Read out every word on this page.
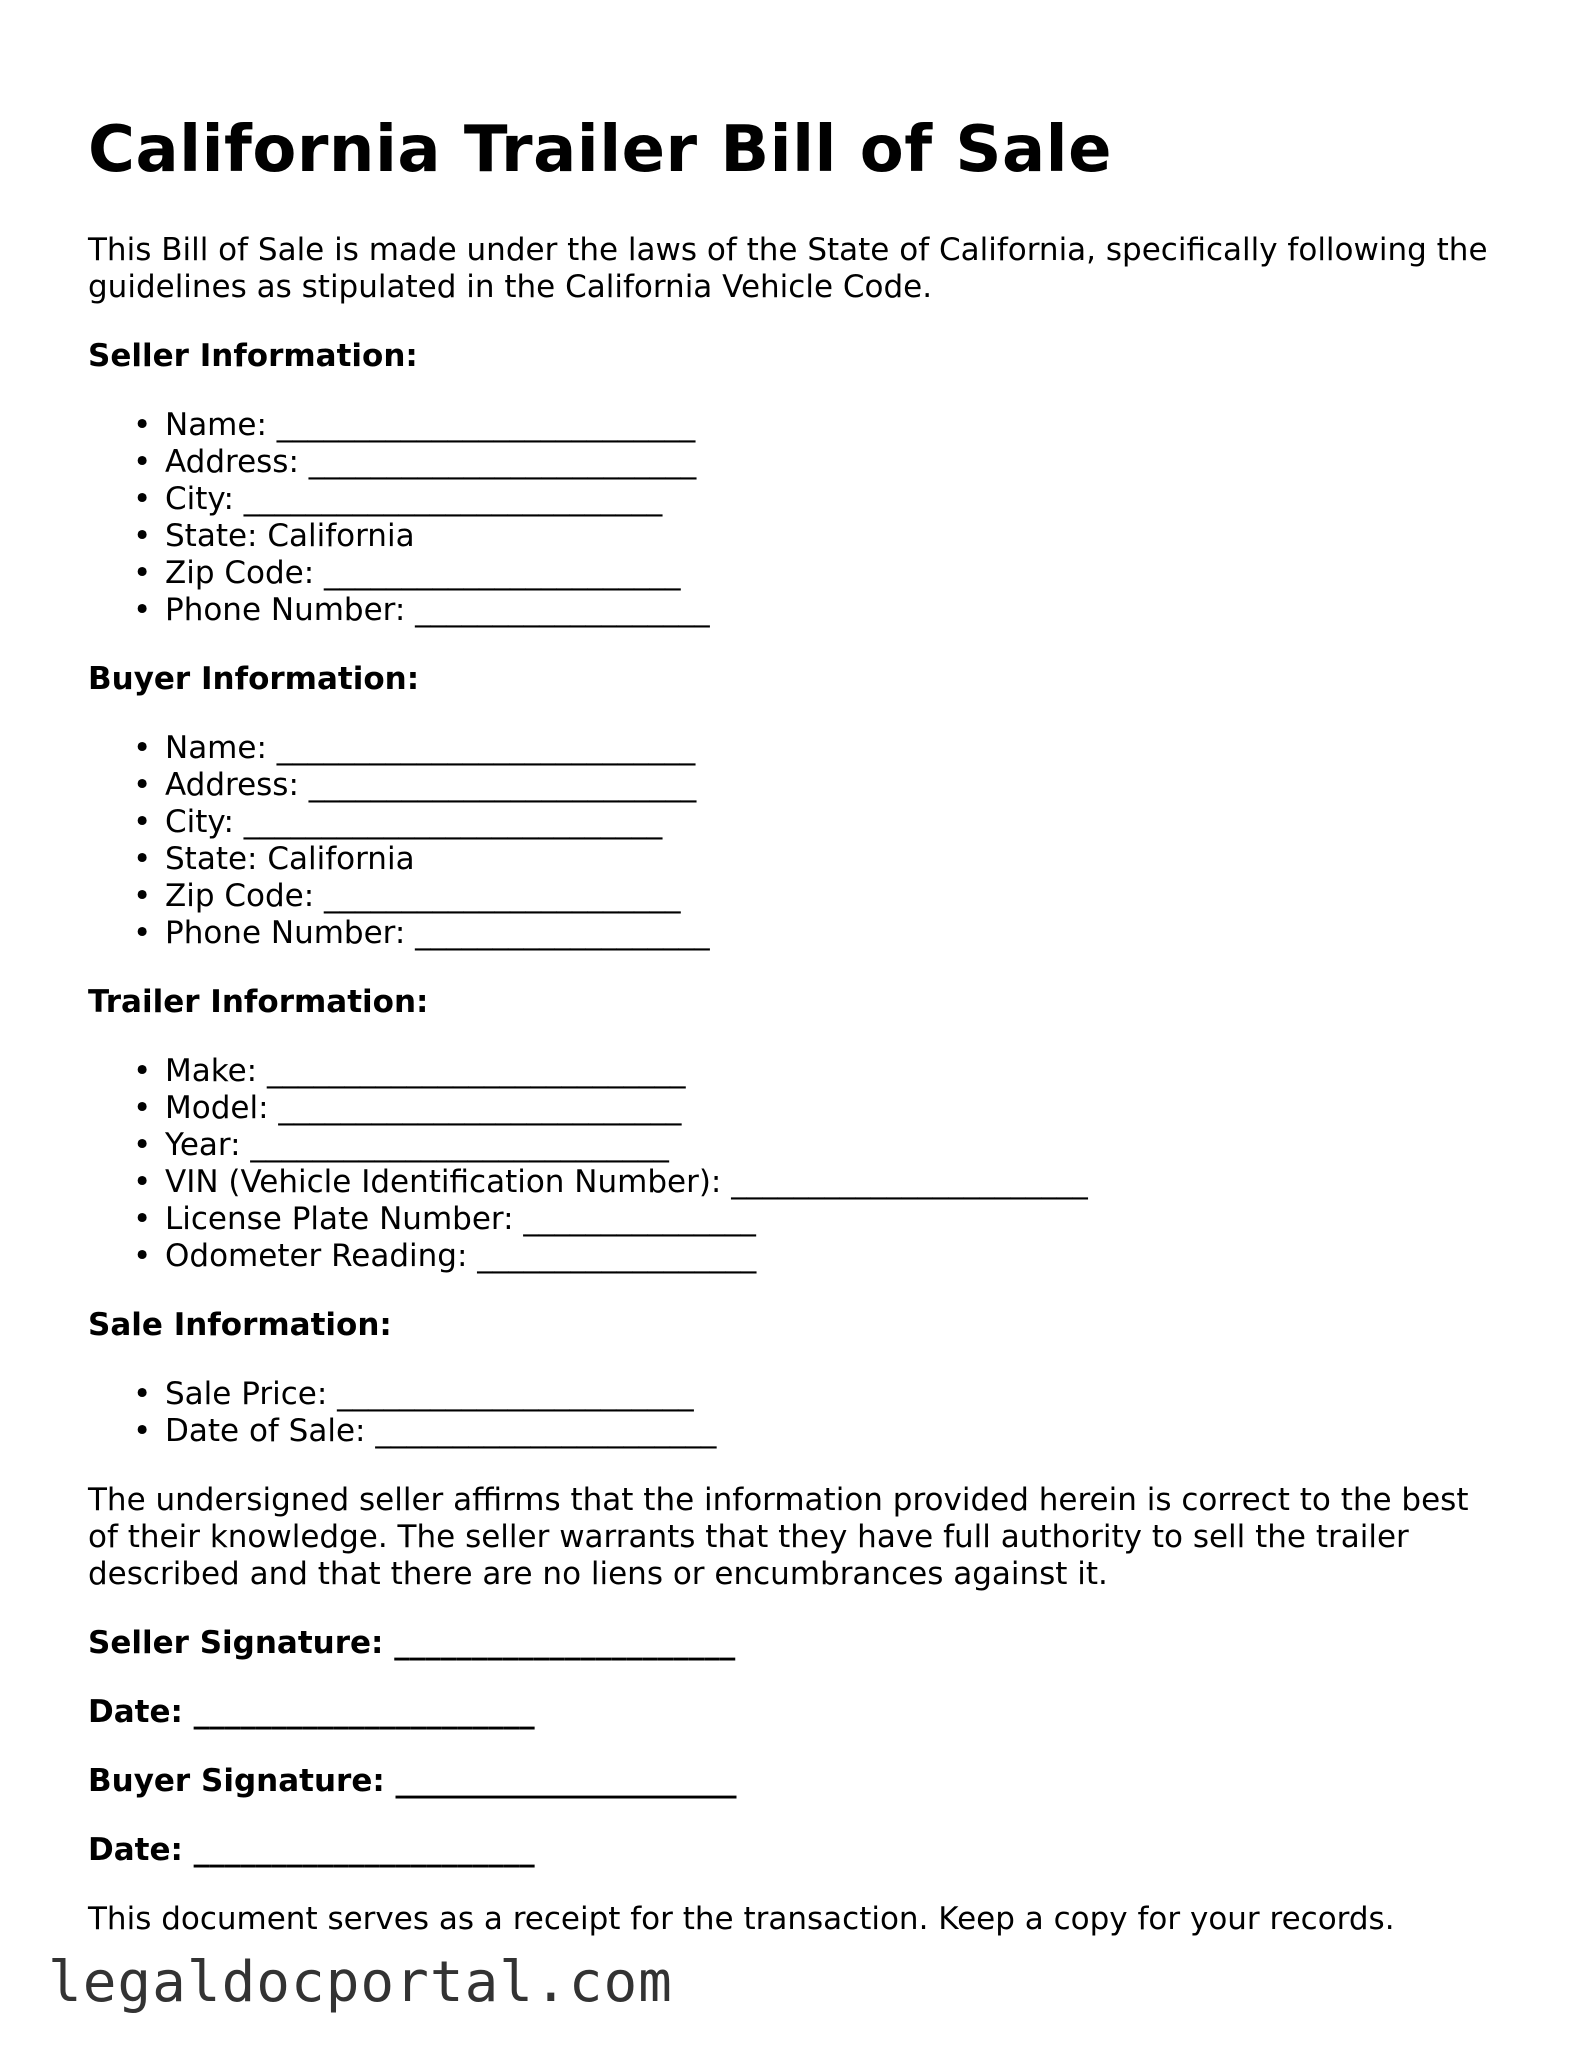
California Trailer Bill of Sale
This Bill of Sale is made under the laws of the State of California, specifically following the guidelines as stipulated in the California Vehicle Code.
Seller Information:
• Name: ___________________________
• Address: _________________________
• City: ___________________________
• State: California
• Zip Code: _______________________
• Phone Number: ___________________
Buyer Information:
• Name: ___________________________
• Address: _________________________
• City: ___________________________
• State: California
• Zip Code: _______________________
• Phone Number: ___________________
Trailer Information:
• Make: ___________________________
• Model: __________________________
• Year: ___________________________
• VIN (Vehicle Identification Number): _______________________
• License Plate Number: _______________
• Odometer Reading: __________________
Sale Information:
• Sale Price: _______________________
• Date of Sale: ______________________
The undersigned seller affirms that the information provided herein is correct to the best of their knowledge. The seller warrants that they have full authority to sell the trailer described and that there are no liens or encumbrances against it.
Seller Signature: ______________________
Date: ______________________
Buyer Signature: ______________________
Date: ______________________
This document serves as a receipt for the transaction. Keep a copy for your records.
legaldocportal.com
